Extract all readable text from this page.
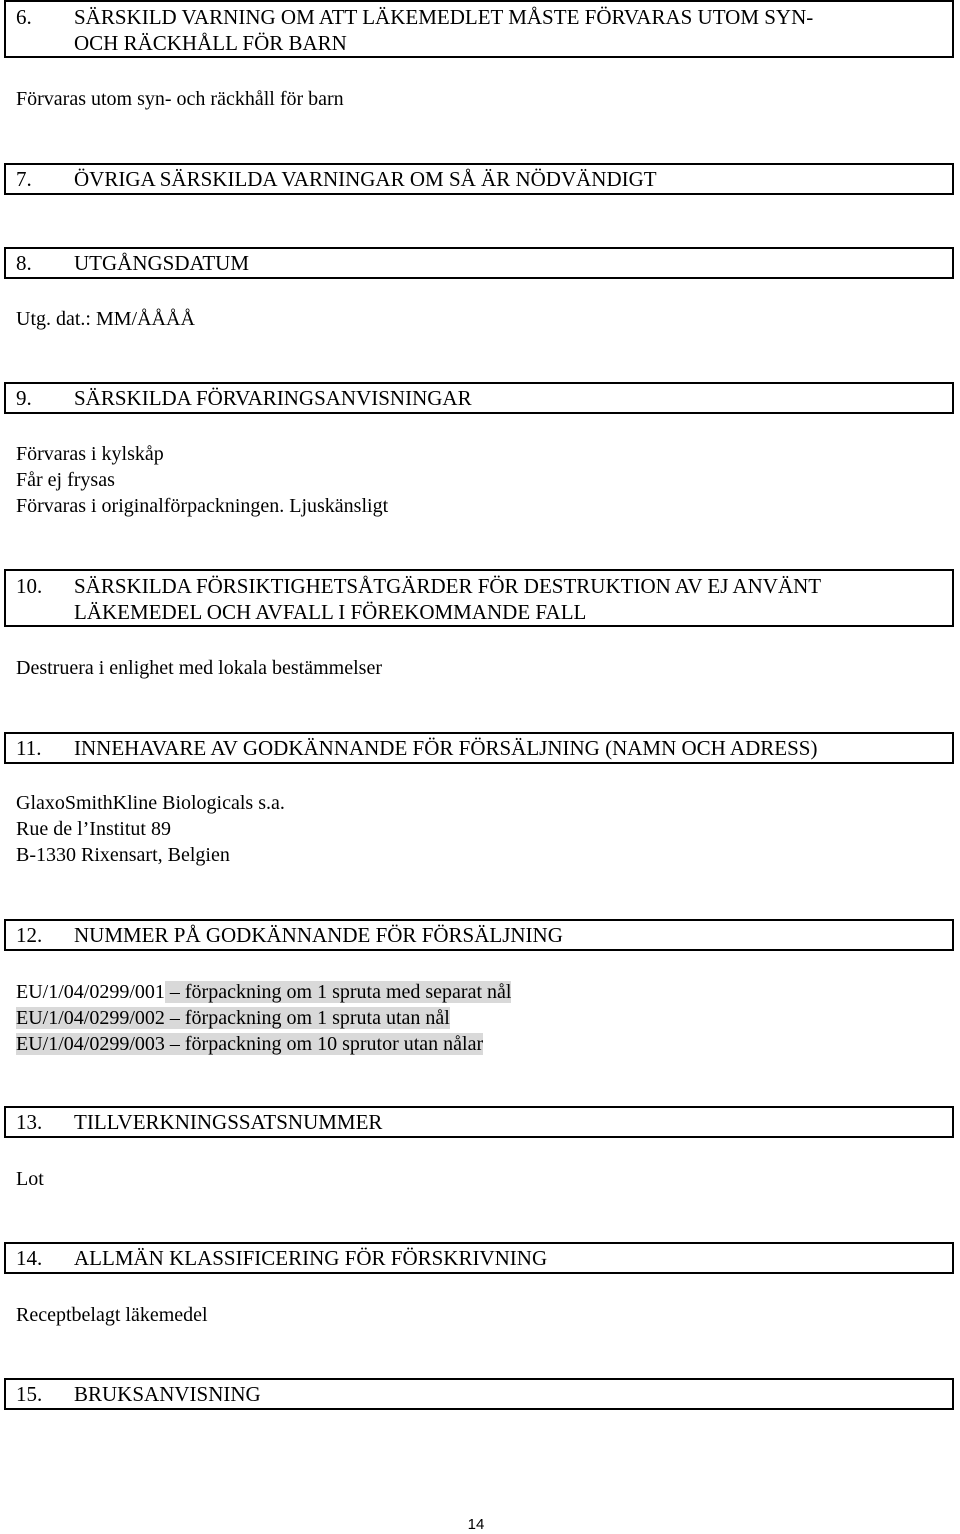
6.	SÄRSKILD VARNING OM ATT LÄKEMEDLET MÅSTE FÖRVARAS UTOM SYN-
OCH RÄCKHÅLL FÖR BARN
Förvaras utom syn- och räckhåll för barn
7.	ÖVRIGA SÄRSKILDA VARNINGAR OM SÅ ÄR NÖDVÄNDIGT
8.	UTGÅNGSDATUM
Utg. dat.: MM/ÅÅÅÅ
9.	SÄRSKILDA FÖRVARINGSANVISNINGAR
Förvaras i kylskåp
Får ej frysas
Förvaras i originalförpackningen. Ljuskänsligt
10.	SÄRSKILDA FÖRSIKTIGHETSÅTGÄRDER FÖR DESTRUKTION AV EJ ANVÄNT
LÄKEMEDEL OCH AVFALL I FÖREKOMMANDE FALL
Destruera i enlighet med lokala bestämmelser
11.	INNEHAVARE AV GODKÄNNANDE FÖR FÖRSÄLJNING (NAMN OCH ADRESS)
GlaxoSmithKline Biologicals s.a.
Rue de l’Institut 89
B-1330 Rixensart, Belgien
12.	NUMMER PÅ GODKÄNNANDE FÖR FÖRSÄLJNING
EU/1/04/0299/001 – förpackning om 1 spruta med separat nål
EU/1/04/0299/002 – förpackning om 1 spruta utan nål
EU/1/04/0299/003 – förpackning om 10 sprutor utan nålar
13.	TILLVERKNINGSSATSNUMMER
Lot
14.	ALLMÄN KLASSIFICERING FÖR FÖRSKRIVNING
Receptbelagt läkemedel
15.	BRUKSANVISNING
14
